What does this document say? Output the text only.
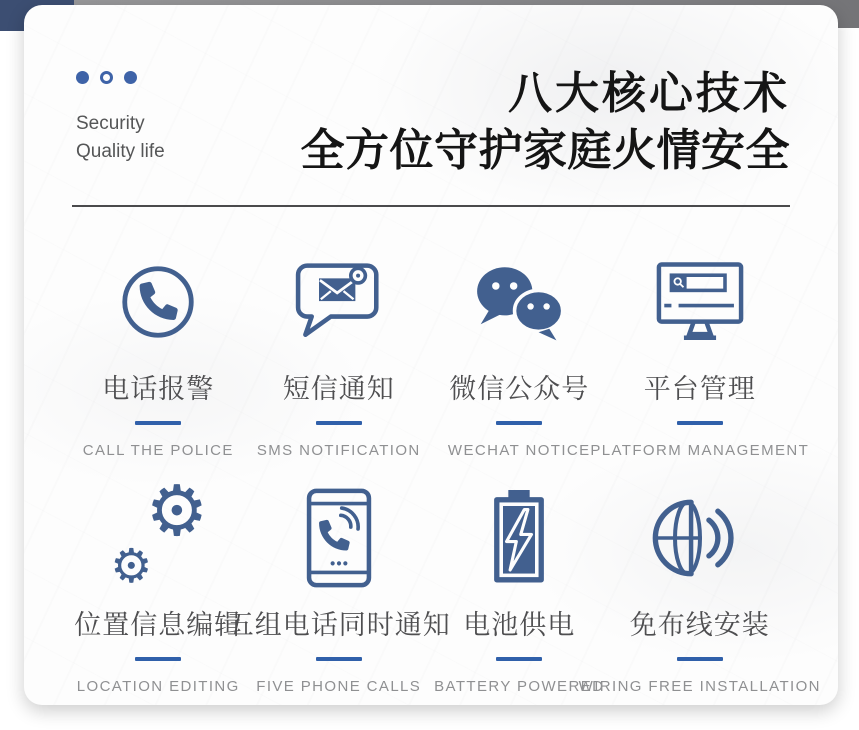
Security
Quality life
八大核心技术
全方位守护家庭火情安全
电话报警
CALL THE POLICE
短信通知
SMS NOTIFICATION
微信公众号
WECHAT NOTICE
平台管理
PLATFORM MANAGEMENT
⚙
⚙
位置信息编辑
LOCATION EDITING
五组电话同时通知
FIVE PHONE CALLS
电池供电
BATTERY POWERED
免布线安装
WIRING FREE INSTALLATION
